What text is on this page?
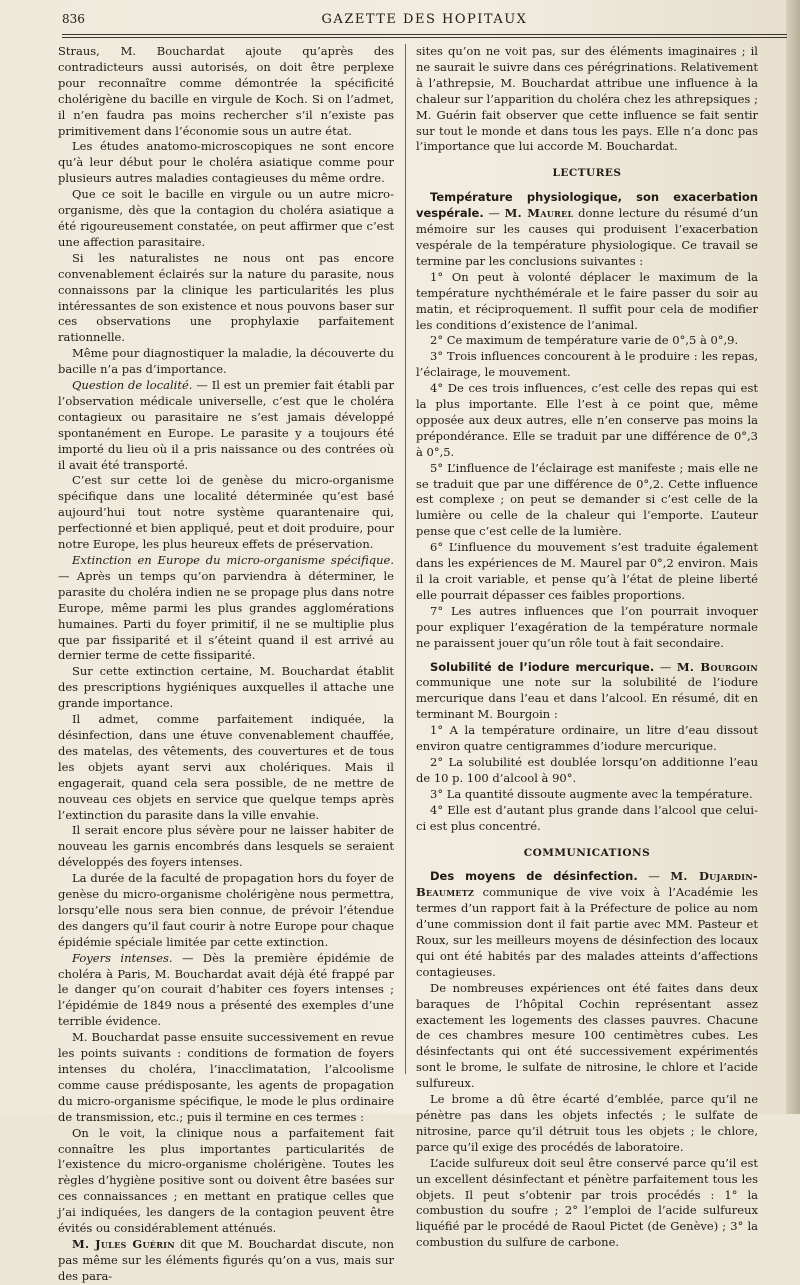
836	GAZETTE DES HOPITAUX

Straus, M. Bouchardat ajoute qu’après des contradicteurs aussi autorisés, on doit être perplexe pour reconnaître comme démontrée la spécificité cholérigène du bacille en virgule de Koch. Si on l’admet, il n’en faudra pas moins rechercher s’il n’existe pas primitivement dans l’économie sous un autre état.

Les études anatomo-microscopiques ne sont encore qu’à leur début pour le choléra asiatique comme pour plusieurs autres maladies contagieuses du même ordre.

Que ce soit le bacille en virgule ou un autre micro-organisme, dès que la contagion du choléra asiatique a été rigoureusement constatée, on peut affirmer que c’est une affection parasitaire.

Si les naturalistes ne nous ont pas encore convenablement éclairés sur la nature du parasite, nous connaissons par la clinique les particularités les plus intéressantes de son existence et nous pouvons baser sur ces observations une prophylaxie parfaitement rationnelle.

Même pour diagnostiquer la maladie, la découverte du bacille n’a pas d’importance.

Question de localité. — Il est un premier fait établi par l’observation médicale universelle, c’est que le choléra contagieux ou parasitaire ne s’est jamais développé spontanément en Europe. Le parasite y a toujours été importé du lieu où il a pris naissance ou des contrées où il avait été transporté.

C’est sur cette loi de genèse du micro-organisme spécifique dans une localité déterminée qu’est basé aujourd’hui tout notre système quarantenaire qui, perfectionné et bien appliqué, peut et doit produire, pour notre Europe, les plus heureux effets de préservation.

Extinction en Europe du micro-organisme spécifique. — Après un temps qu’on parviendra à déterminer, le parasite du choléra indien ne se propage plus dans notre Europe, même parmi les plus grandes agglomérations humaines. Parti du foyer primitif, il ne se multiplie plus que par fissiparité et il s’éteint quand il est arrivé au dernier terme de cette fissiparité.

Sur cette extinction certaine, M. Bouchardat établit des prescriptions hygiéniques auxquelles il attache une grande importance.

Il admet, comme parfaitement indiquée, la désinfection, dans une étuve convenablement chauffée, des matelas, des vêtements, des couvertures et de tous les objets ayant servi aux cholériques. Mais il engagerait, quand cela sera possible, de ne mettre de nouveau ces objets en service que quelque temps après l’extinction du parasite dans la ville envahie.

Il serait encore plus sévère pour ne laisser habiter de nouveau les garnis encombrés dans lesquels se seraient développés des foyers intenses.

La durée de la faculté de propagation hors du foyer de genèse du micro-organisme cholérigène nous permettra, lorsqu’elle nous sera bien connue, de prévoir l’étendue des dangers qu’il faut courir à notre Europe pour chaque épidémie spéciale limitée par cette extinction.

Foyers intenses. — Dès la première épidémie de choléra à Paris, M. Bouchardat avait déjà été frappé par le danger qu’on courait d’habiter ces foyers intenses ; l’épidémie de 1849 nous a présenté des exemples d’une terrible évidence.

M. Bouchardat passe ensuite successivement en revue les points suivants : conditions de formation de foyers intenses du choléra, l’inacclimatation, l’alcoolisme comme cause prédisposante, les agents de propagation du micro-organisme spécifique, le mode le plus ordinaire de transmission, etc.; puis il termine en ces termes :

On le voit, la clinique nous a parfaitement fait connaître les plus importantes particularités de l’existence du micro-organisme cholérigène. Toutes les règles d’hygiène positive sont ou doivent être basées sur ces connaissances ; en mettant en pratique celles que j’ai indiquées, les dangers de la contagion peuvent être évités ou considérablement atténués.

M. Jules Guérin dit que M. Bouchardat discute, non pas même sur les éléments figurés qu’on a vus, mais sur des para-

sites qu’on ne voit pas, sur des éléments imaginaires ; il ne saurait le suivre dans ces pérégrinations. Relativement à l’athrepsie, M. Bouchardat attribue une influence à la chaleur sur l’apparition du choléra chez les athrepsiques ; M. Guérin fait observer que cette influence se fait sentir sur tout le monde et dans tous les pays. Elle n’a donc pas l’importance que lui accorde M. Bouchardat.

LECTURES

Température physiologique, son exacerbation vespérale. — M. Maurel donne lecture du résumé d’un mémoire sur les causes qui produisent l’exacerbation vespérale de la température physiologique. Ce travail se termine par les conclusions suivantes :

1° On peut à volonté déplacer le maximum de la température nychthémérale et le faire passer du soir au matin, et réciproquement. Il suffit pour cela de modifier les conditions d’existence de l’animal.

2° Ce maximum de température varie de 0°,5 à 0°,9.

3° Trois influences concourent à le produire : les repas, l’éclairage, le mouvement.

4° De ces trois influences, c’est celle des repas qui est la plus importante. Elle l’est à ce point que, même opposée aux deux autres, elle n’en conserve pas moins la prépondérance. Elle se traduit par une différence de 0°,3 à 0°,5.

5° L’influence de l’éclairage est manifeste ; mais elle ne se traduit que par une différence de 0°,2. Cette influence est complexe ; on peut se demander si c’est celle de la lumière ou celle de la chaleur qui l’emporte. L’auteur pense que c’est celle de la lumière.

6° L’influence du mouvement s’est traduite également dans les expériences de M. Maurel par 0°,2 environ. Mais il la croit variable, et pense qu’à l’état de pleine liberté elle pourrait dépasser ces faibles proportions.

7° Les autres influences que l’on pourrait invoquer pour expliquer l’exagération de la température normale ne paraissent jouer qu’un rôle tout à fait secondaire.

Solubilité de l’iodure mercurique. — M. Bourgoin communique une note sur la solubilité de l’iodure mercurique dans l’eau et dans l’alcool. En résumé, dit en terminant M. Bourgoin :

1° A la température ordinaire, un litre d’eau dissout environ quatre centigrammes d’iodure mercurique.

2° La solubilité est doublée lorsqu’on additionne l’eau de 10 p. 100 d’alcool à 90°.

3° La quantité dissoute augmente avec la température.

4° Elle est d’autant plus grande dans l’alcool que celui-ci est plus concentré.

COMMUNICATIONS

Des moyens de désinfection. — M. Dujardin-Beaumetz communique de vive voix à l’Académie les termes d’un rapport fait à la Préfecture de police au nom d’une commission dont il fait partie avec MM. Pasteur et Roux, sur les meilleurs moyens de désinfection des locaux qui ont été habités par des malades atteints d’affections contagieuses.

De nombreuses expériences ont été faites dans deux baraques de l’hôpital Cochin représentant assez exactement les logements des classes pauvres. Chacune de ces chambres mesure 100 centimètres cubes. Les désinfectants qui ont été successivement expérimentés sont le brome, le sulfate de nitrosine, le chlore et l’acide sulfureux.

Le brome a dû être écarté d’emblée, parce qu’il ne pénètre pas dans les objets infectés ; le sulfate de nitrosine, parce qu’il détruit tous les objets ; le chlore, parce qu’il exige des procédés de laboratoire.

L’acide sulfureux doit seul être conservé parce qu’il est un excellent désinfectant et pénètre parfaitement tous les objets. Il peut s’obtenir par trois procédés : 1° la combustion du soufre ; 2° l’emploi de l’acide sulfureux liquéfié par le procédé de Raoul Pictet (de Genève) ; 3° la combustion du sulfure de carbone.
